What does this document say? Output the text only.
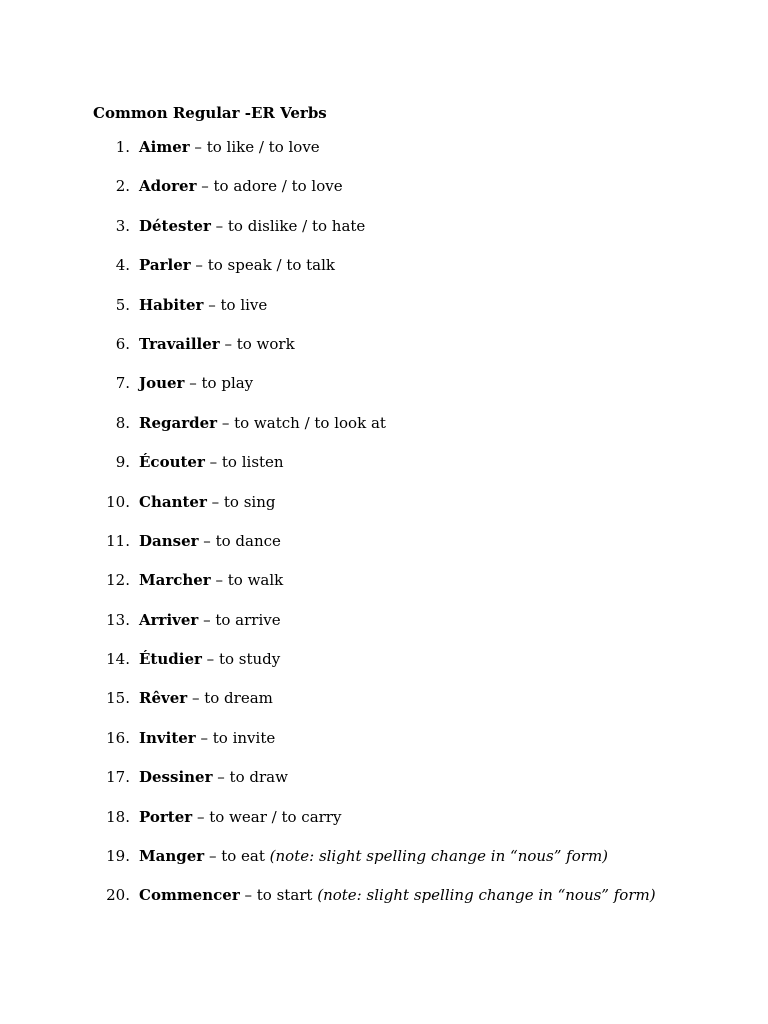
Common Regular -ER Verbs
1. Aimer – to like / to love
2. Adorer – to adore / to love
3. Détester – to dislike / to hate
4. Parler – to speak / to talk
5. Habiter – to live
6. Travailler – to work
7. Jouer – to play
8. Regarder – to watch / to look at
9. Écouter – to listen
10. Chanter – to sing
11. Danser – to dance
12. Marcher – to walk
13. Arriver – to arrive
14. Étudier – to study
15. Rêver – to dream
16. Inviter – to invite
17. Dessiner – to draw
18. Porter – to wear / to carry
19. Manger – to eat (note: slight spelling change in “nous” form)
20. Commencer – to start (note: slight spelling change in “nous” form)
